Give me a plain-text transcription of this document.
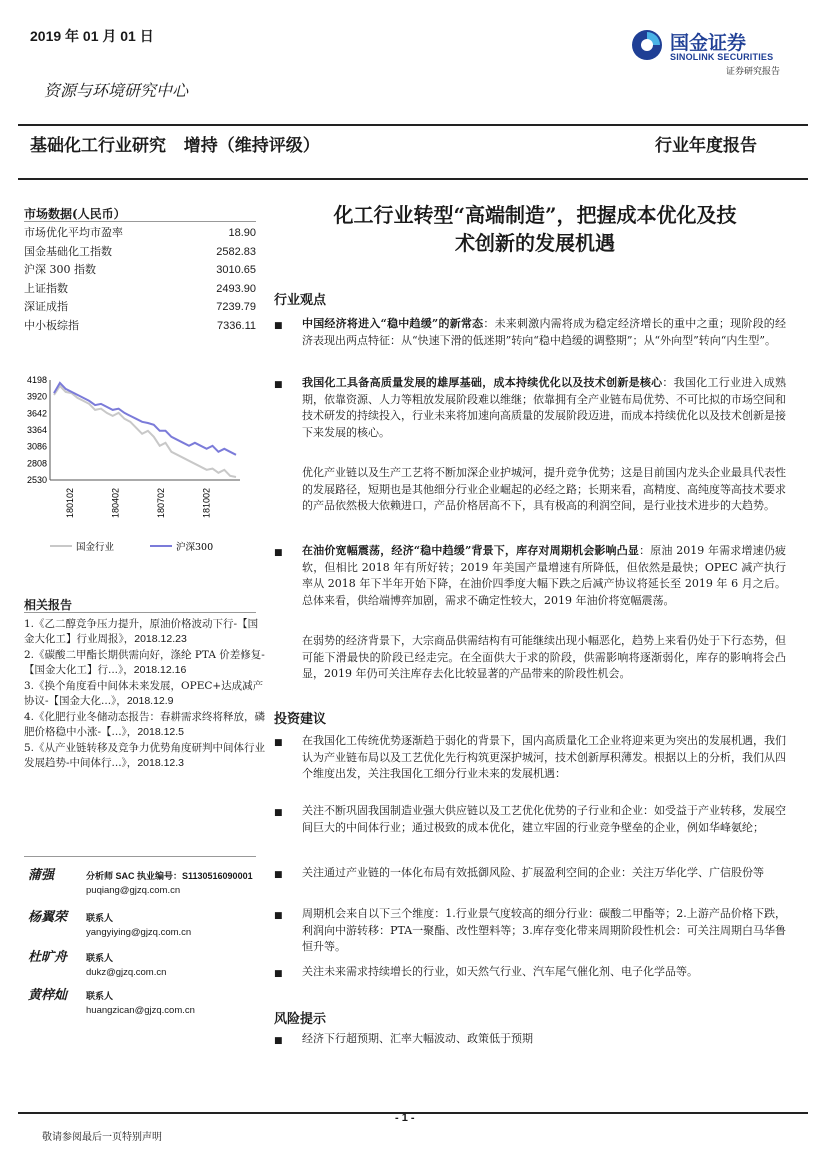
2019 年 01 月 01 日	国金证券
SINOLINK SECURITIES
证券研究报告
资源与环境研究中心
基础化工行业研究 增持（维持评级）	行业年度报告
市场数据(人民币）
市场优化平均市盈率	18.90
国金基础化工指数	2582.83
沪深 300 指数	3010.65
上证指数	2493.90
深证成指	7239.79
中小板综指	7336.11
4198
3920
3642
3364
3086
2808
2530
180102	180402	180702	181002
国金行业	沪深300
相关报告

1.《乙二醇竞争压力提升，原油价格波动下行-【国金大化工】行业周报》，2018.12.23

2.《碳酸二甲酯长期供需向好，涤纶 PTA 价差修复-【国金大化工】行...》，2018.12.16

3.《换个角度看中间体未来发展，OPEC+达成减产协议-【国金大化...》，2018.12.9

4.《化肥行业冬储动态报告：春耕需求终将释放，磷肥价格稳中小涨-【...》，2018.12.5

5.《从产业链转移及竞争力优势角度研判中间体行业发展趋势-中间体行...》，2018.12.3

蒲强	分析师 SAC 执业编号：S1130516090001
puqiang@gjzq.com.cn
杨翼荣 联系人
yangyiying@gjzq.com.cn
杜旷舟 联系人
dukz@gjzq.com.cn
黄梓灿 联系人
huangzican@gjzq.com.cn
化工行业转型“高端制造”，把握成本优化及技
术创新的发展机遇
行业观点
■
中国经济将进入“稳中趋缓”的新常态：未来刺激内需将成为稳定经济增长的重中之重；现阶段的经济表现出两点特征：从“快速下滑的低迷期”转向“稳中趋缓的调整期”；从“外向型”转向“内生型”。
■
我国化工具备高质量发展的雄厚基础，成本持续优化以及技术创新是核心：我国化工行业进入成熟期，依靠资源、人力等粗放发展阶段难以维继；依靠拥有全产业链布局优势、不可比拟的市场空间和技术研发的持续投入，行业未来将加速向高质量的发展阶段迈进，而成本持续优化以及技术创新是接下来发展的核心。
优化产业链以及生产工艺将不断加深企业护城河，提升竞争优势；这是目前国内龙头企业最具代表性的发展路径，短期也是其他细分行业企业崛起的必经之路；长期来看，高精度、高纯度等高技术要求的产品依然极大依赖进口，产品价格居高不下，具有极高的利润空间，是行业技术进步的大趋势。
■
在油价宽幅震荡，经济“稳中趋缓”背景下，库存对周期机会影响凸显：原油 2019 年需求增速仍疲软，但相比 2018 年有所好转；2019 年美国产量增速有所降低，但依然是最快；OPEC 减产执行率从 2018 年下半年开始下降，在油价四季度大幅下跌之后减产协议将延长至 2019 年 6 月之后。总体来看，供给端博弈加剧，需求不确定性较大，2019 年油价将宽幅震荡。
在弱势的经济背景下，大宗商品供需结构有可能继续出现小幅恶化，趋势上来看仍处于下行态势，但可能下滑最快的阶段已经走完。在全面供大于求的阶段，供需影响将逐渐弱化，库存的影响将会凸显，2019 年仍可关注库存去化比较显著的产品带来的阶段性机会。
投资建议
■
在我国化工传统优势逐渐趋于弱化的背景下，国内高质量化工企业将迎来更为突出的发展机遇，我们认为产业链布局以及工艺优化先行构筑更深护城河，技术创新厚积薄发。根据以上的分析，我们从四个维度出发，关注我国化工细分行业未来的发展机遇：
■
关注不断巩固我国制造业强大供应链以及工艺优化优势的子行业和企业：如受益于产业转移，发展空间巨大的中间体行业；通过极致的成本优化，建立牢固的行业竞争壁垒的企业，例如华峰氨纶；
■
关注通过产业链的一体化布局有效抵御风险、扩展盈利空间的企业：关注万华化学、广信股份等
■
周期机会来自以下三个维度：1.行业景气度较高的细分行业：碳酸二甲酯等；2.上游产品价格下跌，利润向中游转移：PTA一聚酯、改性塑料等；3.库存变化带来周期阶段性机会：可关注周期白马华鲁恒升等。
■
关注未来需求持续增长的行业，如天然气行业、汽车尾气催化剂、电子化学品等。
风险提示
■
经济下行超预期、汇率大幅波动、政策低于预期
- 1 -
敬请参阅最后一页特别声明
